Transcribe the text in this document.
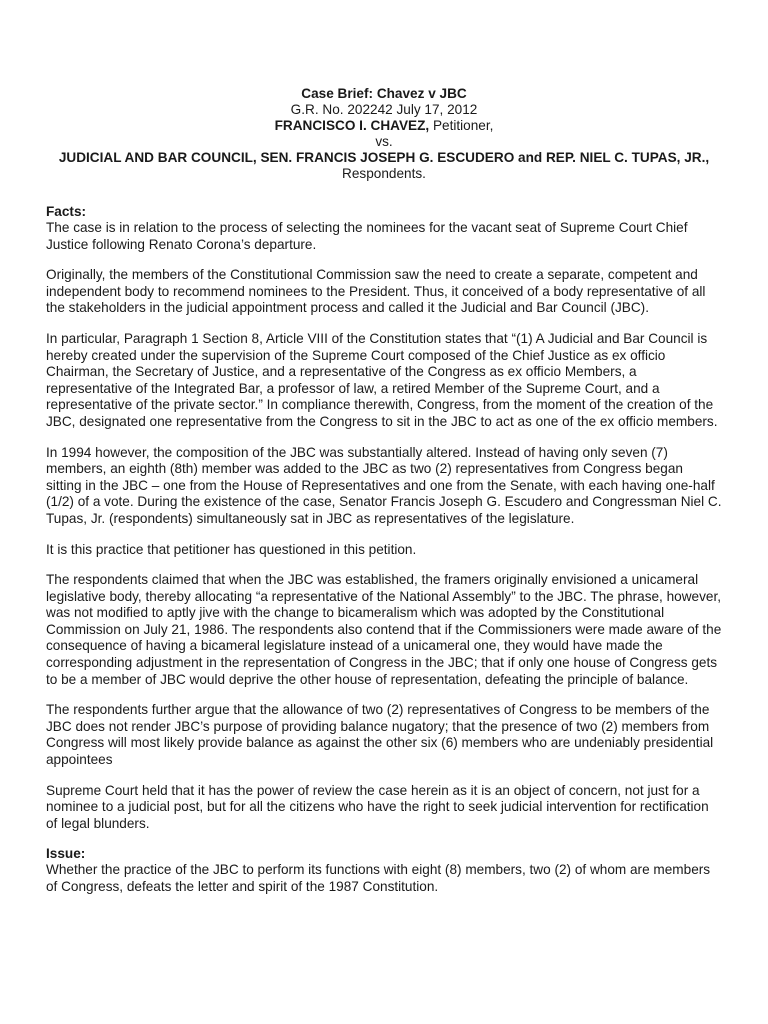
Case Brief: Chavez v JBC
G.R. No. 202242 July 17, 2012
FRANCISCO I. CHAVEZ, Petitioner,
vs.
JUDICIAL AND BAR COUNCIL, SEN. FRANCIS JOSEPH G. ESCUDERO and REP. NIEL C. TUPAS, JR., Respondents.
Facts:

The case is in relation to the process of selecting the nominees for the vacant seat of Supreme Court Chief Justice following Renato Corona’s departure.

Originally, the members of the Constitutional Commission saw the need to create a separate, competent and independent body to recommend nominees to the President. Thus, it conceived of a body representative of all the stakeholders in the judicial appointment process and called it the Judicial and Bar Council (JBC).

In particular, Paragraph 1 Section 8, Article VIII of the Constitution states that “(1) A Judicial and Bar Council is hereby created under the supervision of the Supreme Court composed of the Chief Justice as ex officio Chairman, the Secretary of Justice, and a representative of the Congress as ex officio Members, a representative of the Integrated Bar, a professor of law, a retired Member of the Supreme Court, and a representative of the private sector.” In compliance therewith, Congress, from the moment of the creation of the JBC, designated one representative from the Congress to sit in the JBC to act as one of the ex officio members.

In 1994 however, the composition of the JBC was substantially altered. Instead of having only seven (7) members, an eighth (8th) member was added to the JBC as two (2) representatives from Congress began sitting in the JBC – one from the House of Representatives and one from the Senate, with each having one-half (1/2) of a vote. During the existence of the case, Senator Francis Joseph G. Escudero and Congressman Niel C. Tupas, Jr. (respondents) simultaneously sat in JBC as representatives of the legislature.

It is this practice that petitioner has questioned in this petition.

The respondents claimed that when the JBC was established, the framers originally envisioned a unicameral legislative body, thereby allocating “a representative of the National Assembly” to the JBC. The phrase, however, was not modified to aptly jive with the change to bicameralism which was adopted by the Constitutional Commission on July 21, 1986. The respondents also contend that if the Commissioners were made aware of the consequence of having a bicameral legislature instead of a unicameral one, they would have made the corresponding adjustment in the representation of Congress in the JBC; that if only one house of Congress gets to be a member of JBC would deprive the other house of representation, defeating the principle of balance.

The respondents further argue that the allowance of two (2) representatives of Congress to be members of the JBC does not render JBC’s purpose of providing balance nugatory; that the presence of two (2) members from Congress will most likely provide balance as against the other six (6) members who are undeniably presidential appointees

Supreme Court held that it has the power of review the case herein as it is an object of concern, not just for a nominee to a judicial post, but for all the citizens who have the right to seek judicial intervention for rectification of legal blunders.

Issue:

Whether the practice of the JBC to perform its functions with eight (8) members, two (2) of whom are members of Congress, defeats the letter and spirit of the 1987 Constitution.
